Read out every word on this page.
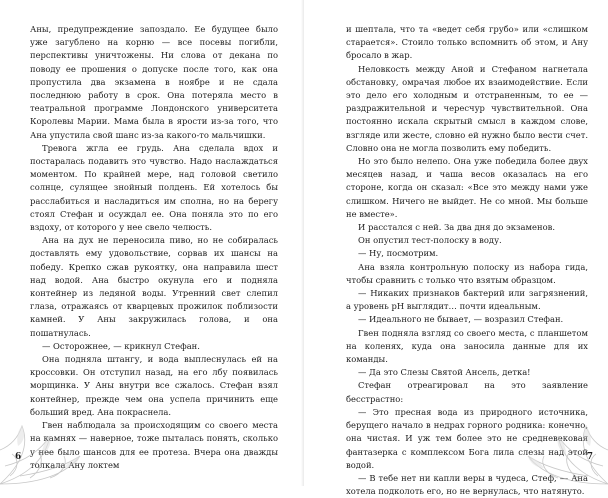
Аны, предупреждение запоздало. Ее будущее было уже загублено на корню — все посевы погибли, перспективы уничтожены. Ни слова от декана по поводу ее прошения о допуске после того, как она пропустила два экзамена в ноябре и не сдала последнюю работу в срок. Она потеряла место в театральной программе Лондонского университета Королевы Марии. Мама была в ярости из-за того, что Ана упустила свой шанс из-за какого-то мальчишки.

Тревога жгла ее грудь. Ана сделала вдох и постаралась подавить это чувство. Надо наслаждаться моментом. По крайней мере, над головой светило солнце, сулящее знойный полдень. Ей хотелось бы расслабиться и насладиться им сполна, но на берегу стоял Стефан и осуждал ее. Она поняла это по его вздоху, от которого у нее свело челюсть.

Ана на дух не переносила пиво, но не собиралась доставлять ему удовольствие, сорвав их шансы на победу. Крепко сжав рукоятку, она направила шест над водой. Ана быстро окунула его и подняла контейнер из ледяной воды. Утренний свет слепил глаза, отражаясь от кварцевых прожилок поблизости камней. У Аны закружилась голова, и она пошатнулась.

— Осторожнее, — крикнул Стефан.

Она подняла штангу, и вода выплеснулась ей на кроссовки. Он отступил назад, на его лбу появилась морщинка. У Аны внутри все сжалось. Стефан взял контейнер, прежде чем она успела причинить еще больший вред. Ана покраснела.

Гвен наблюдала за происходящим со своего места на камнях — наверное, тоже пыталась понять, сколько у нее было шансов для ее протеза. Вчера она дважды толкала Ану локтем

6

и шептала, что та «ведет себя грубо» или «слишком старается». Стоило только вспомнить об этом, и Ану бросало в жар.

Неловкость между Аной и Стефаном нагнетала обстановку, омрачая любое их взаимодействие. Если это дело его холодным и отстраненным, то ее — раздражительной и чересчур чувствительной. Она постоянно искала скрытый смысл в каждом слове, взгляде или жесте, словно ей нужно было вести счет. Словно она не могла позволить ему победить.

Но это было нелепо. Она уже победила более двух месяцев назад, и чаша весов оказалась на его стороне, когда он сказал: «Все это между нами уже слишком. Ничего не выйдет. Не со мной. Мы больше не вместе».

И расстался с ней. За два дня до экзаменов.

Он опустил тест-полоску в воду.

— Ну, посмотрим.

Ана взяла контрольную полоску из набора гида, чтобы сравнить с только что взятым образцом.

— Никаких признаков бактерий или загрязнений, а уровень pH выглядит… почти идеальным.

— Идеального не бывает, — возразил Стефан.

Гвен подняла взгляд со своего места, с планшетом на коленях, куда она заносила данные для их команды.

— Да это Слезы Святой Ансель, детка!

Стефан отреагировал на это заявление бесстрастно:

— Это пресная вода из природного источника, берущего начало в недрах горного родника: конечно, она чистая. И уж тем более это не средневековая фантазерка с комплексом Бога лила слезы над этой водой.

— В тебе нет ни капли веры в чудеса, Стеф, — Ана хотела подколоть его, но не вернулась, что натянуто.

7
